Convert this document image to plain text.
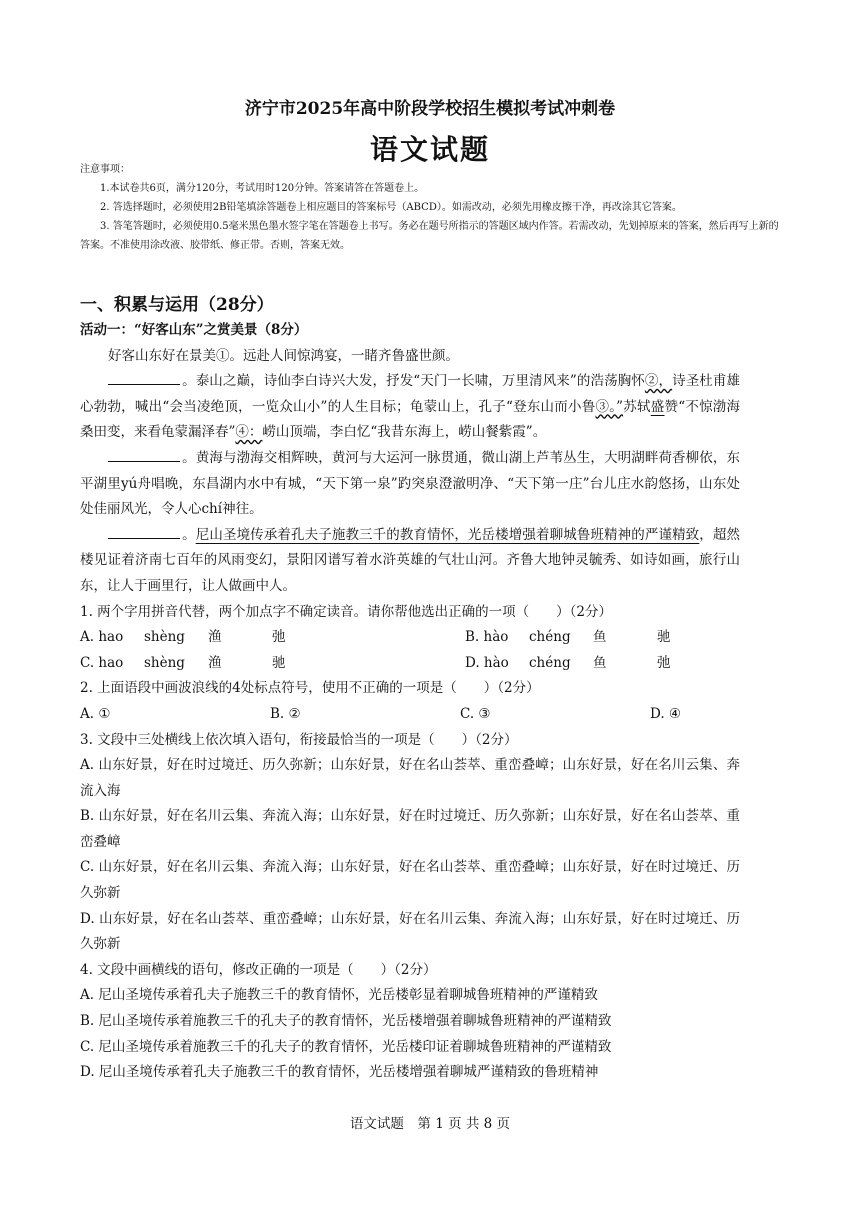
济宁市2025年高中阶段学校招生模拟考试冲刺卷
语文试题

注意事项：

1.本试卷共6页，满分120分，考试用时120分钟。答案请答在答题卷上。

2. 答选择题时，必须使用2B铅笔填涂答题卷上相应题目的答案标号（ABCD）。如需改动，必须先用橡皮擦干净，再改涂其它答案。

3. 答笔答题时，必须使用0.5毫米黑色墨水签字笔在答题卷上书写。务必在题号所指示的答题区域内作答。若需改动，先划掉原来的答案，然后再写上新的答案。不准使用涂改液、胶带纸、修正带。否则，答案无效。

一、积累与运用（28分）

活动一：“好客山东”之赏美景（8分）

好客山东好在景美①。远赴人间惊鸿宴，一睹齐鲁盛世颜。

。泰山之巅，诗仙李白诗兴大发，抒发“天门一长啸，万里清风来”的浩荡胸怀②，诗圣杜甫雄心勃勃，喊出“会当凌绝顶，一览众山小”的人生目标；龟蒙山上，孔子“登东山而小鲁③。”苏轼盛赞“不惊渤海桑田变，来看龟蒙漏泽春”④：崂山顶端，李白忆“我昔东海上，崂山餐紫霞”。

。黄海与渤海交相辉映，黄河与大运河一脉贯通，微山湖上芦苇丛生，大明湖畔荷香柳依，东平湖里yú舟唱晚，东昌湖内水中有城，“天下第一泉”趵突泉澄澈明净、“天下第一庄”台儿庄水韵悠扬，山东处处佳丽风光，令人心chí神往。

。尼山圣境传承着孔夫子施教三千的教育情怀，光岳楼增强着聊城鲁班精神的严谨精致，超然楼见证着济南七百年的风雨变幻，景阳冈谱写着水浒英雄的气壮山河。齐鲁大地钟灵毓秀、如诗如画，旅行山东，让人于画里行，让人做画中人。

1. 两个字用拼音代替，两个加点字不确定读音。请你帮他选出正确的一项（　　）（2分）

A. hao shèng 渔	弛	B. hào chéng 鱼	驰
C. hao shèng 渔	驰	D. hào chéng 鱼	弛

2. 上面语段中画波浪线的4处标点符号，使用不正确的一项是（　　）（2分）

A. ①	B. ②	C. ③	D. ④

3. 文段中三处横线上依次填入语句，衔接最恰当的一项是（　　）（2分）

A. 山东好景，好在时过境迁、历久弥新；山东好景，好在名山荟萃、重峦叠嶂；山东好景，好在名川云集、奔流入海

B. 山东好景，好在名川云集、奔流入海；山东好景，好在时过境迁、历久弥新；山东好景，好在名山荟萃、重峦叠嶂

C. 山东好景，好在名川云集、奔流入海；山东好景，好在名山荟萃、重峦叠嶂；山东好景，好在时过境迁、历久弥新

D. 山东好景，好在名山荟萃、重峦叠嶂；山东好景，好在名川云集、奔流入海；山东好景，好在时过境迁、历久弥新

4. 文段中画横线的语句，修改正确的一项是（　　）（2分）

A. 尼山圣境传承着孔夫子施教三千的教育情怀，光岳楼彰显着聊城鲁班精神的严谨精致

B. 尼山圣境传承着施教三千的孔夫子的教育情怀，光岳楼增强着聊城鲁班精神的严谨精致

C. 尼山圣境传承着施教三千的孔夫子的教育情怀，光岳楼印证着聊城鲁班精神的严谨精致

D. 尼山圣境传承着孔夫子施教三千的教育情怀，光岳楼增强着聊城严谨精致的鲁班精神

语文试题　第 1 页 共 8 页
